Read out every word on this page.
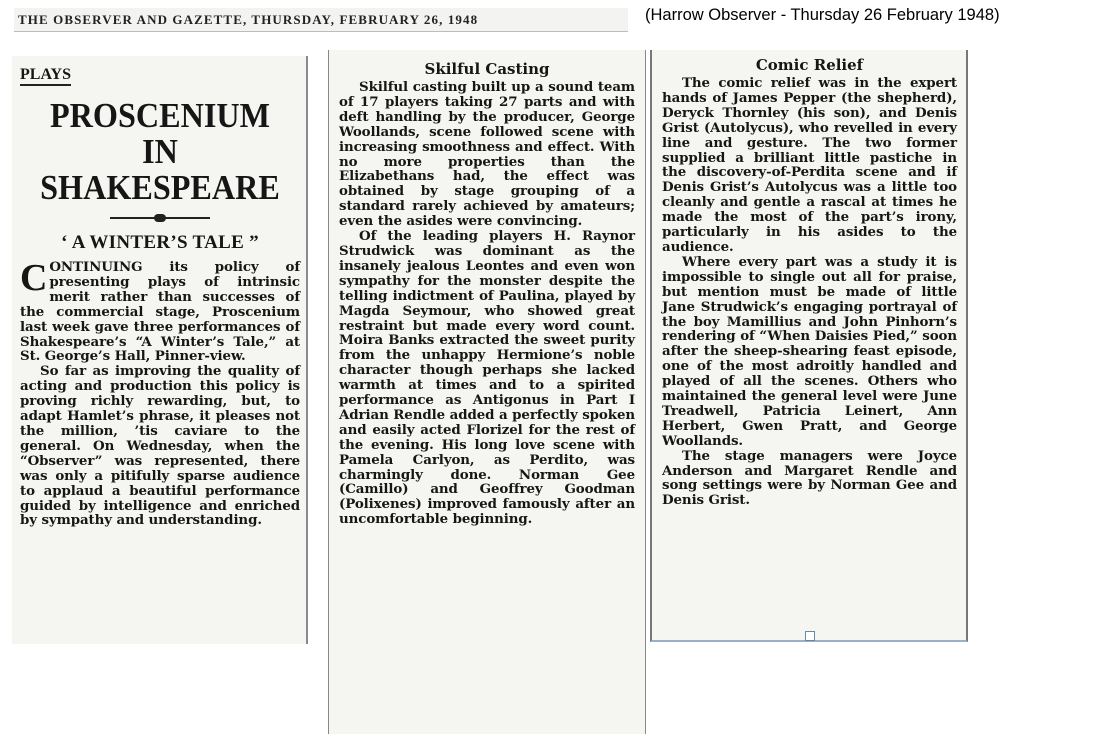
THE OBSERVER AND GAZETTE, THURSDAY, FEBRUARY 26, 1948	(Harrow Observer - Thursday 26 February 1948)
PLAYS
PROSCENIUM IN
SHAKESPEARE
‘ A WINTER’S TALE ”

CONTINUING its policy of presenting plays of intrinsic merit rather than successes of the commercial stage, Proscenium last week gave three performances of Shakespeare’s “A Winter’s Tale,” at St. George’s Hall, Pinner-view.

So far as improving the quality of acting and production this policy is proving richly rewarding, but, to adapt Hamlet’s phrase, it pleases not the million, ’tis caviare to the general. On Wednesday, when the “Observer” was represented, there was only a pitifully sparse audience to applaud a beautiful performance guided by intelligence and enriched by sympathy and understanding.

Skilful Casting

Skilful casting built up a sound team of 17 players taking 27 parts and with deft handling by the producer, George Woollands, scene followed scene with increasing smoothness and effect. With no more properties than the Elizabethans had, the effect was obtained by stage grouping of a standard rarely achieved by amateurs; even the asides were convincing.

Of the leading players H. Raynor Strudwick was dominant as the insanely jealous Leontes and even won sympathy for the monster despite the telling indictment of Paulina, played by Magda Seymour, who showed great restraint but made every word count. Moira Banks extracted the sweet purity from the unhappy Hermione’s noble character though perhaps she lacked warmth at times and to a spirited performance as Antigonus in Part I Adrian Rendle added a perfectly spoken and easily acted Florizel for the rest of the evening. His long love scene with Pamela Carlyon, as Perdito, was charmingly done. Norman Gee (Camillo) and Geoffrey Goodman (Polixenes) improved famously after an uncomfortable beginning.

Comic Relief

The comic relief was in the expert hands of James Pepper (the shepherd), Deryck Thornley (his son), and Denis Grist (Autolycus), who revelled in every line and gesture. The two former supplied a brilliant little pastiche in the discovery-of-Perdita scene and if Denis Grist’s Autolycus was a little too cleanly and gentle a rascal at times he made the most of the part’s irony, particularly in his asides to the audience.

Where every part was a study it is impossible to single out all for praise, but mention must be made of little Jane Strudwick’s engaging portrayal of the boy Mamillius and John Pinhorn’s rendering of “When Daisies Pied,” soon after the sheep-shearing feast episode, one of the most adroitly handled and played of all the scenes. Others who maintained the general level were June Treadwell, Patricia Leinert, Ann Herbert, Gwen Pratt, and George Woollands.

The stage managers were Joyce Anderson and Margaret Rendle and song settings were by Norman Gee and Denis Grist.
